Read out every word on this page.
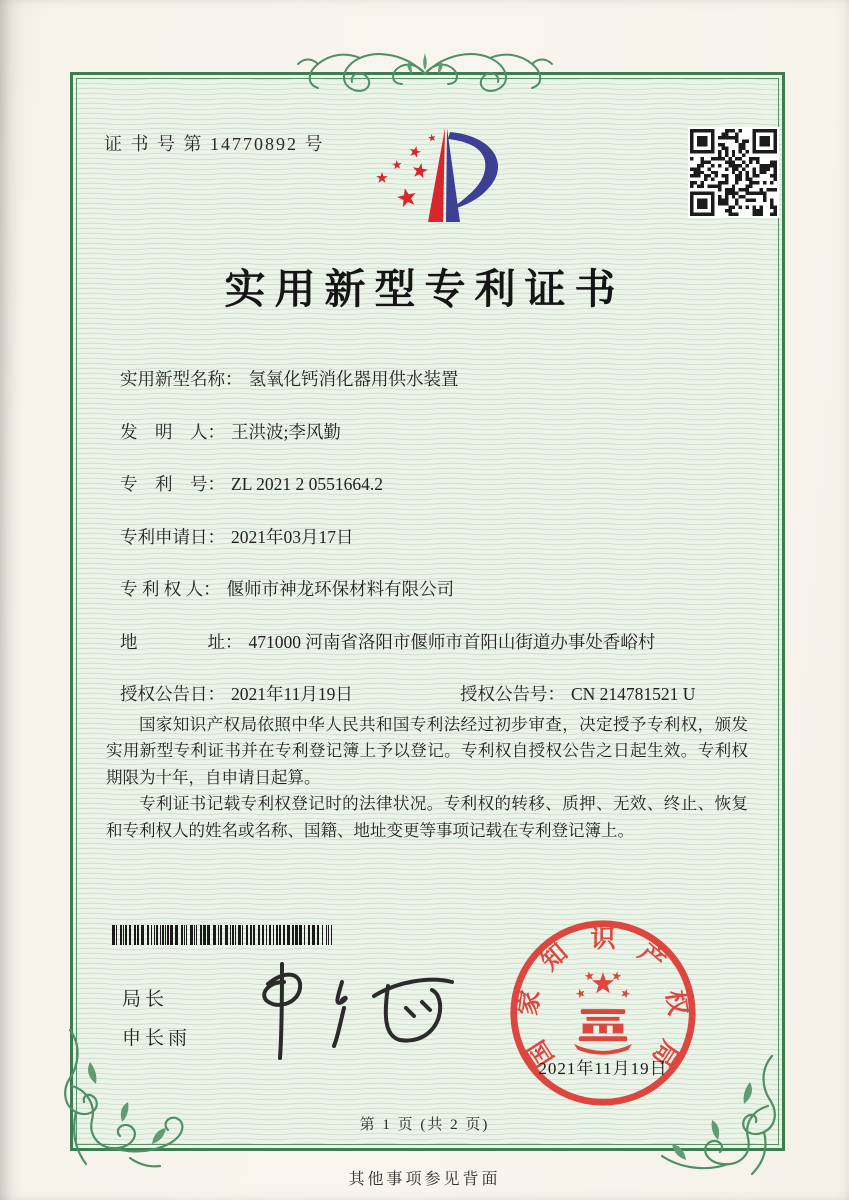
证 书 号 第 14770892 号
实用新型专利证书
实用新型名称： 氢氧化钙消化器用供水装置
发　明　人： 王洪波;李风勤
专　利　号： ZL 2021 2 0551664.2
专利申请日： 2021年03月17日
专 利 权 人： 偃师市神龙环保材料有限公司
地　　　　址： 471000 河南省洛阳市偃师市首阳山街道办事处香峪村
授权公告日： 2021年11月19日	授权公告号： CN 214781521 U

国家知识产权局依照中华人民共和国专利法经过初步审查，决定授予专利权，颁发实用新型专利证书并在专利登记簿上予以登记。专利权自授权公告之日起生效。专利权期限为十年，自申请日起算。

专利证书记载专利权登记时的法律状况。专利权的转移、质押、无效、终止、恢复和专利权人的姓名或名称、国籍、地址变更等事项记载在专利登记簿上。

局长
申长雨	国
家
知 识 产
权
局
2021年11月19日
第 1 页 (共 2 页)
其他事项参见背面
